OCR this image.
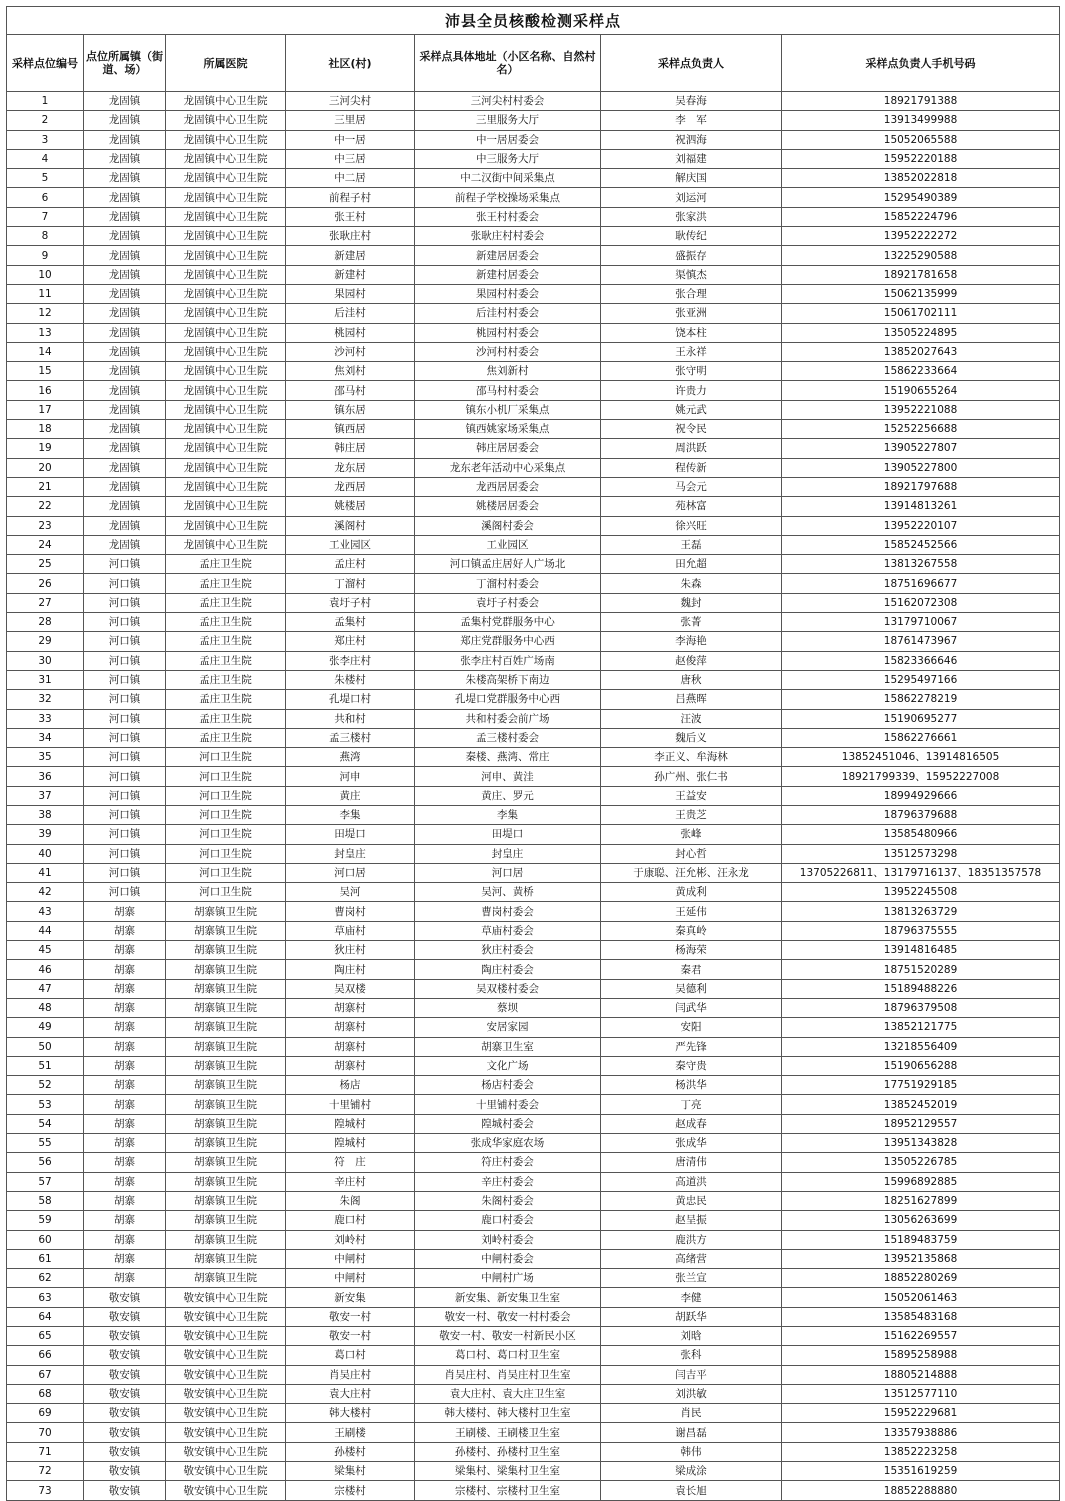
沛县全员核酸检测采样点						
采样点位编号	点位所属镇（街道、场）	所属医院	社区(村)	采样点具体地址（小区名称、自然村名）	采样点负责人	采样点负责人手机号码
1	龙固镇	龙固镇中心卫生院	三河尖村	三河尖村村委会	吴春海	18921791388
2	龙固镇	龙固镇中心卫生院	三里居	三里服务大厅	李　军	13913499988
3	龙固镇	龙固镇中心卫生院	中一居	中一居居委会	祝泗海	15052065588
4	龙固镇	龙固镇中心卫生院	中三居	中三服务大厅	刘福建	15952220188
5	龙固镇	龙固镇中心卫生院	中二居	中二汉街中间采集点	解庆国	13852022818
6	龙固镇	龙固镇中心卫生院	前程子村	前程子学校操场采集点	刘运河	15295490389
7	龙固镇	龙固镇中心卫生院	张王村	张王村村委会	张家洪	15852224796
8	龙固镇	龙固镇中心卫生院	张耿庄村	张耿庄村村委会	耿传纪	13952222272
9	龙固镇	龙固镇中心卫生院	新建居	新建居居委会	盛振存	13225290588
10	龙固镇	龙固镇中心卫生院	新建村	新建村居委会	渠慎杰	18921781658
11	龙固镇	龙固镇中心卫生院	果园村	果园村村委会	张合理	15062135999
12	龙固镇	龙固镇中心卫生院	后洼村	后洼村村委会	张亚洲	15061702111
13	龙固镇	龙固镇中心卫生院	桃园村	桃园村村委会	饶本柱	13505224895
14	龙固镇	龙固镇中心卫生院	沙河村	沙河村村委会	王永祥	13852027643
15	龙固镇	龙固镇中心卫生院	焦刘村	焦刘新村	张守明	15862233664
16	龙固镇	龙固镇中心卫生院	邵马村	邵马村村委会	许贵力	15190655264
17	龙固镇	龙固镇中心卫生院	镇东居	镇东小机厂采集点	姚元武	13952221088
18	龙固镇	龙固镇中心卫生院	镇西居	镇西姚家场采集点	祝令民	15252256688
19	龙固镇	龙固镇中心卫生院	韩庄居	韩庄居居委会	周洪跃	13905227807
20	龙固镇	龙固镇中心卫生院	龙东居	龙东老年活动中心采集点	程传新	13905227800
21	龙固镇	龙固镇中心卫生院	龙西居	龙西居居委会	马会元	18921797688
22	龙固镇	龙固镇中心卫生院	姚楼居	姚楼居居委会	苑林富	13914813261
23	龙固镇	龙固镇中心卫生院	溪阁村	溪阁村委会	徐兴旺	13952220107
24	龙固镇	龙固镇中心卫生院	工业园区	工业园区	王磊	15852452566
25	河口镇	孟庄卫生院	孟庄村	河口镇孟庄居好人广场北	田允超	13813267558
26	河口镇	孟庄卫生院	丁溜村	丁溜村村委会	朱森	18751696677
27	河口镇	孟庄卫生院	袁圩子村	袁圩子村委会	魏封	15162072308
28	河口镇	孟庄卫生院	孟集村	孟集村党群服务中心	张菁	13179710067
29	河口镇	孟庄卫生院	郑庄村	郑庄党群服务中心西	李海艳	18761473967
30	河口镇	孟庄卫生院	张李庄村	张李庄村百姓广场南	赵俊萍	15823366646
31	河口镇	孟庄卫生院	朱楼村	朱楼高架桥下南边	唐秋	15295497166
32	河口镇	孟庄卫生院	孔堤口村	孔堤口党群服务中心西	吕燕晖	15862278219
33	河口镇	孟庄卫生院	共和村	共和村委会前广场	汪波	15190695277
34	河口镇	孟庄卫生院	孟三楼村	孟三楼村委会	魏后义	15862276661
35	河口镇	河口卫生院	燕湾	秦楼、燕湾、常庄	李正义、牟海林	13852451046、13914816505
36	河口镇	河口卫生院	河申	河申、黄洼	孙广州、张仁书	18921799339、15952227008
37	河口镇	河口卫生院	黄庄	黄庄、罗元	王益安	18994929666
38	河口镇	河口卫生院	李集	李集	王贵芝	18796379688
39	河口镇	河口卫生院	田堤口	田堤口	张峰	13585480966
40	河口镇	河口卫生院	封皇庄	封皇庄	封心哲	13512573298
41	河口镇	河口卫生院	河口居	河口居	于康聪、汪允彬、汪永龙	13705226811、13179716137、18351357578
42	河口镇	河口卫生院	吴河	吴河、黄桥	黄成利	13952245508
43	胡寨	胡寨镇卫生院	曹岗村	曹岗村委会	王延伟	13813263729
44	胡寨	胡寨镇卫生院	草庙村	草庙村委会	秦真岭	18796375555
45	胡寨	胡寨镇卫生院	狄庄村	狄庄村委会	杨海荣	13914816485
46	胡寨	胡寨镇卫生院	陶庄村	陶庄村委会	秦君	18751520289
47	胡寨	胡寨镇卫生院	吴双楼	吴双楼村委会	吴德利	15189488226
48	胡寨	胡寨镇卫生院	胡寨村	蔡坝	闫武华	18796379508
49	胡寨	胡寨镇卫生院	胡寨村	安居家园	安阳	13852121775
50	胡寨	胡寨镇卫生院	胡寨村	胡寨卫生室	严先锋	13218556409
51	胡寨	胡寨镇卫生院	胡寨村	文化广场	秦守贵	15190656288
52	胡寨	胡寨镇卫生院	杨店	杨店村委会	杨洪华	17751929185
53	胡寨	胡寨镇卫生院	十里铺村	十里铺村委会	丁亮	13852452019
54	胡寨	胡寨镇卫生院	隍城村	隍城村委会	赵成春	18952129557
55	胡寨	胡寨镇卫生院	隍城村	张成华家庭农场	张成华	13951343828
56	胡寨	胡寨镇卫生院	符　庄	符庄村委会	唐清伟	13505226785
57	胡寨	胡寨镇卫生院	辛庄村	辛庄村委会	高道洪	15996892885
58	胡寨	胡寨镇卫生院	朱阁	朱阁村委会	黄忠民	18251627899
59	胡寨	胡寨镇卫生院	鹿口村	鹿口村委会	赵呈振	13056263699
60	胡寨	胡寨镇卫生院	刘岭村	刘岭村委会	鹿洪方	15189483759
61	胡寨	胡寨镇卫生院	中闸村	中闸村委会	高绪营	13952135868
62	胡寨	胡寨镇卫生院	中闸村	中闸村广场	张兰宣	18852280269
63	敬安镇	敬安镇中心卫生院	新安集	新安集、新安集卫生室	李健	15052061463
64	敬安镇	敬安镇中心卫生院	敬安一村	敬安一村、敬安一村村委会	胡跃华	13585483168
65	敬安镇	敬安镇中心卫生院	敬安一村	敬安一村、敬安一村新民小区	刘晗	15162269557
66	敬安镇	敬安镇中心卫生院	葛口村	葛口村、葛口村卫生室	张科	15895258988
67	敬安镇	敬安镇中心卫生院	肖吴庄村	肖吴庄村、肖吴庄村卫生室	闫吉平	18805214888
68	敬安镇	敬安镇中心卫生院	袁大庄村	袁大庄村、袁大庄卫生室	刘洪敏	13512577110
69	敬安镇	敬安镇中心卫生院	韩大楼村	韩大楼村、韩大楼村卫生室	肖民	15952229681
70	敬安镇	敬安镇中心卫生院	王刷楼	王刷楼、王刷楼卫生室	谢昌磊	13357938886
71	敬安镇	敬安镇中心卫生院	孙楼村	孙楼村、孙楼村卫生室	韩伟	13852223258
72	敬安镇	敬安镇中心卫生院	梁集村	梁集村、梁集村卫生室	梁成涂	15351619259
73	敬安镇	敬安镇中心卫生院	宗楼村	宗楼村、宗楼村卫生室	袁长旭	18852288880
